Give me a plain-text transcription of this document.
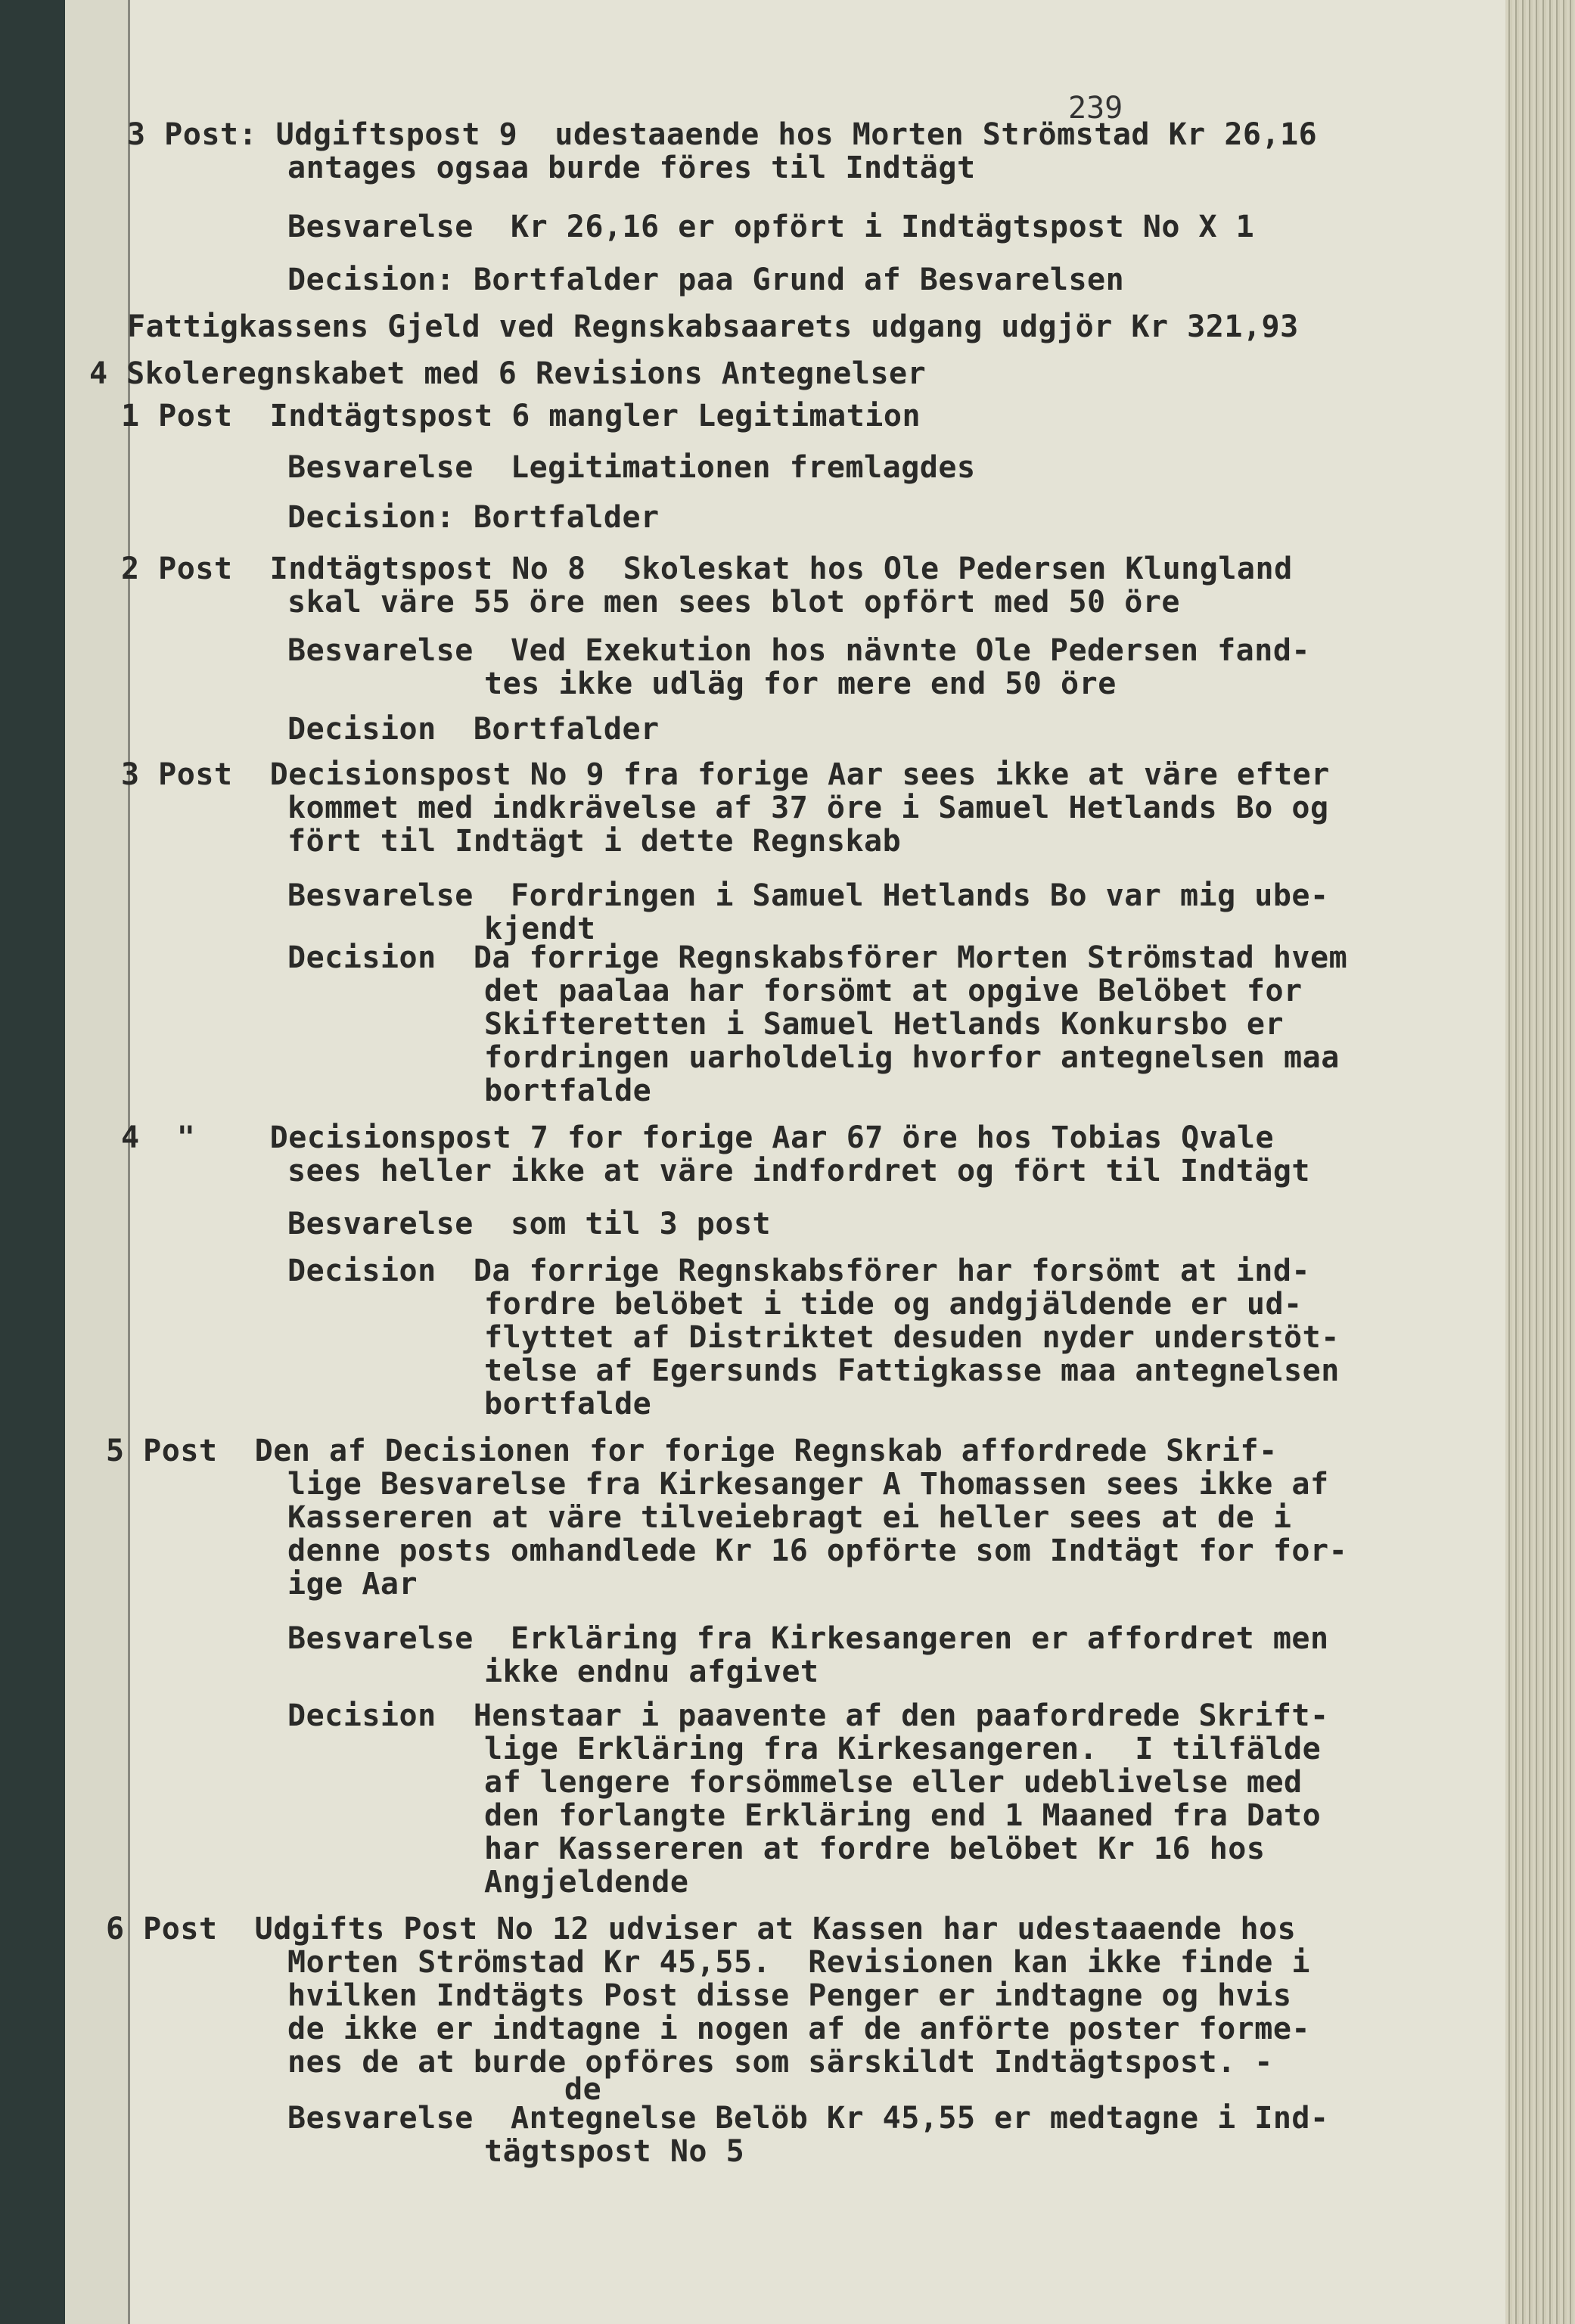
239
3 Post: Udgiftspost 9  udestaaende hos Morten Strömstad Kr 26,16
antages ogsaa burde föres til Indtägt
Besvarelse  Kr 26,16 er opfört i Indtägtspost No X 1
Decision: Bortfalder paa Grund af Besvarelsen
Fattigkassens Gjeld ved Regnskabsaarets udgang udgjör Kr 321,93
4 Skoleregnskabet med 6 Revisions Antegnelser
1 Post  Indtägtspost 6 mangler Legitimation
Besvarelse  Legitimationen fremlagdes
Decision: Bortfalder
2 Post  Indtägtspost No 8  Skoleskat hos Ole Pedersen Klungland
skal väre 55 öre men sees blot opfört med 50 öre
Besvarelse  Ved Exekution hos nävnte Ole Pedersen fand-
tes ikke udläg for mere end 50 öre
Decision  Bortfalder
3 Post  Decisionspost No 9 fra forige Aar sees ikke at väre efter
kommet med indkrävelse af 37 öre i Samuel Hetlands Bo og
fört til Indtägt i dette Regnskab
Besvarelse  Fordringen i Samuel Hetlands Bo var mig ube-
kjendt
Decision  Da forrige Regnskabsförer Morten Strömstad hvem
det paalaa har forsömt at opgive Belöbet for
Skifteretten i Samuel Hetlands Konkursbo er
fordringen uarholdelig hvorfor antegnelsen maa
bortfalde
4  "    Decisionspost 7 for forige Aar 67 öre hos Tobias Qvale
sees heller ikke at väre indfordret og fört til Indtägt
Besvarelse  som til 3 post
Decision  Da forrige Regnskabsförer har forsömt at ind-
fordre belöbet i tide og andgjäldende er ud-
flyttet af Distriktet desuden nyder understöt-
telse af Egersunds Fattigkasse maa antegnelsen
bortfalde
5 Post  Den af Decisionen for forige Regnskab affordrede Skrif-
lige Besvarelse fra Kirkesanger A Thomassen sees ikke af
Kassereren at väre tilveiebragt ei heller sees at de i
denne posts omhandlede Kr 16 opförte som Indtägt for for-
ige Aar
Besvarelse  Erkläring fra Kirkesangeren er affordret men
ikke endnu afgivet
Decision  Henstaar i paavente af den paafordrede Skrift-
lige Erkläring fra Kirkesangeren.  I tilfälde
af lengere forsömmelse eller udeblivelse med
den forlangte Erkläring end 1 Maaned fra Dato
har Kassereren at fordre belöbet Kr 16 hos
Angjeldende
6 Post  Udgifts Post No 12 udviser at Kassen har udestaaende hos
Morten Strömstad Kr 45,55.  Revisionen kan ikke finde i
hvilken Indtägts Post disse Penger er indtagne og hvis
de ikke er indtagne i nogen af de anförte poster forme-
nes de at burde opföres som särskildt Indtägtspost. -
de
Besvarelse  Antegnelse Belöb Kr 45,55 er medtagne i Ind-
tägtspost No 5
